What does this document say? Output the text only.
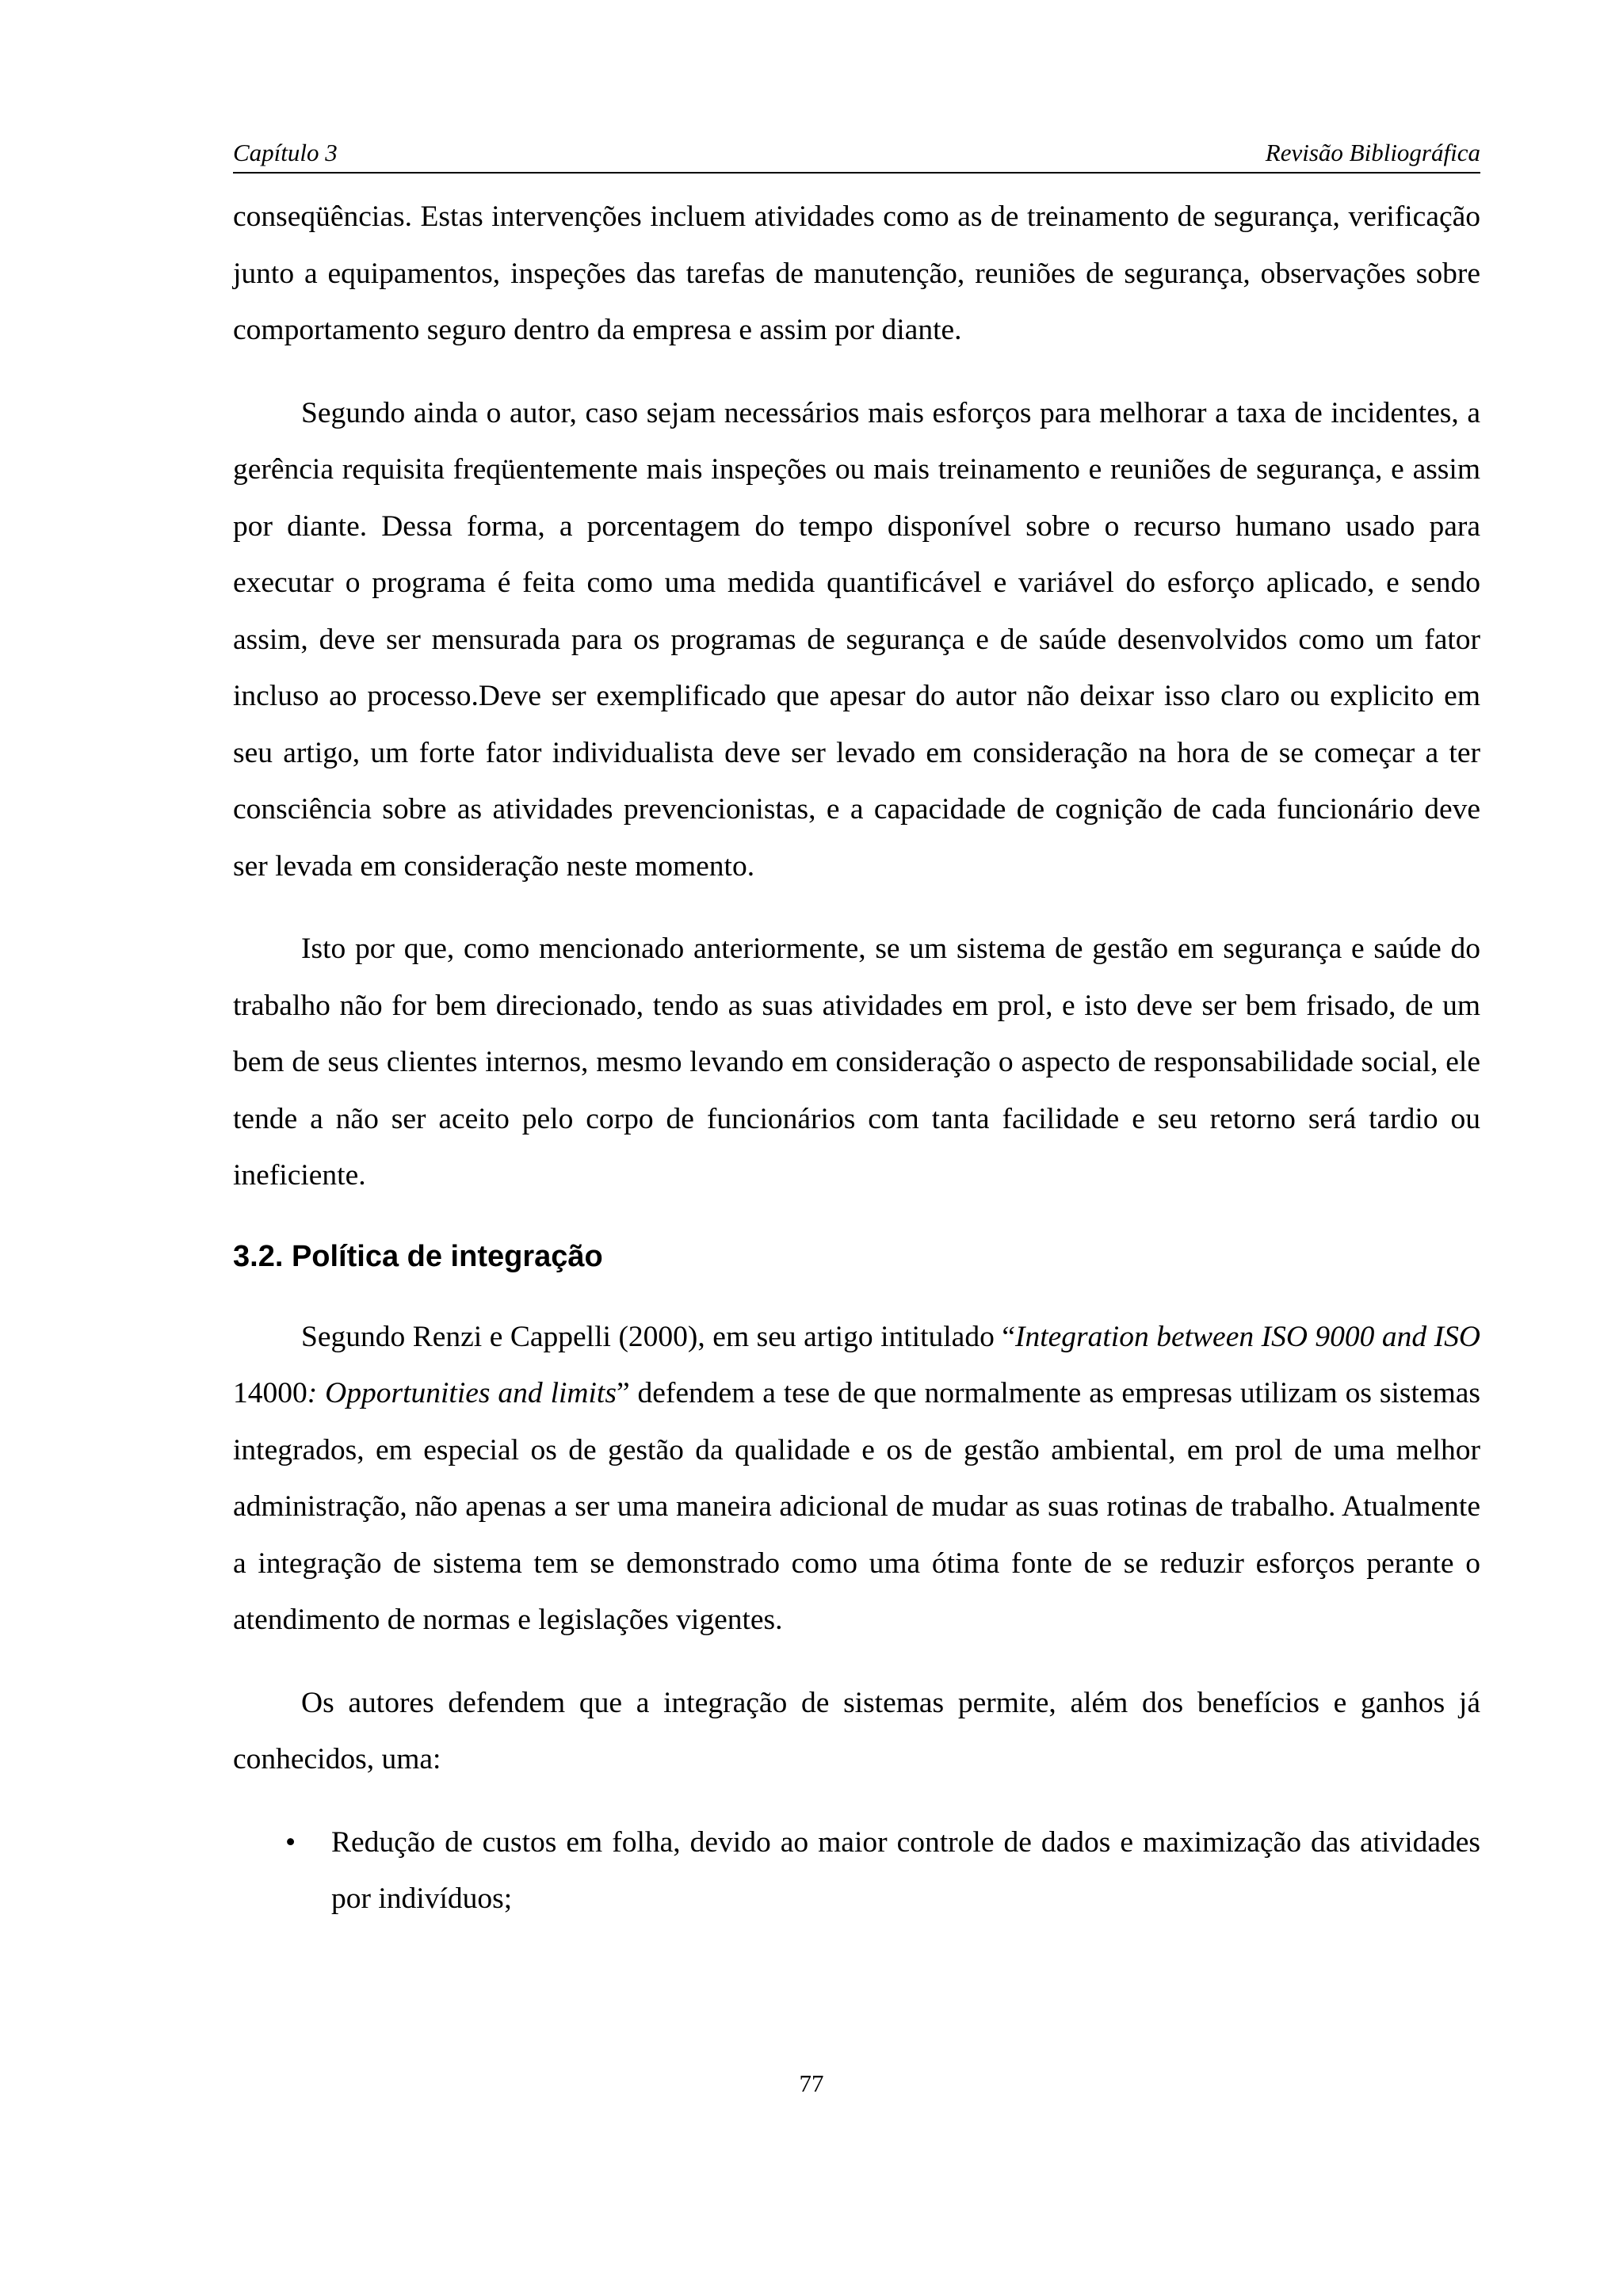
Capítulo 3	Revisão Bibliográfica

conseqüências. Estas intervenções incluem atividades como as de treinamento de segurança, verificação junto a equipamentos, inspeções das tarefas de manutenção, reuniões de segurança, observações sobre comportamento seguro dentro da empresa e assim por diante.

Segundo ainda o autor, caso sejam necessários mais esforços para melhorar a taxa de incidentes, a gerência requisita freqüentemente mais inspeções ou mais treinamento e reuniões de segurança, e assim por diante. Dessa forma, a porcentagem do tempo disponível sobre o recurso humano usado para executar o programa é feita como uma medida quantificável e variável do esforço aplicado, e sendo assim, deve ser mensurada para os programas de segurança e de saúde desenvolvidos como um fator incluso ao processo.Deve ser exemplificado que apesar do autor não deixar isso claro ou explicito em seu artigo, um forte fator individualista deve ser levado em consideração na hora de se começar a ter consciência sobre as atividades prevencionistas, e a capacidade de cognição de cada funcionário deve ser levada em consideração neste momento.

Isto por que, como mencionado anteriormente, se um sistema de gestão em segurança e saúde do trabalho não for bem direcionado, tendo as suas atividades em prol, e isto deve ser bem frisado, de um bem de seus clientes internos, mesmo levando em consideração o aspecto de responsabilidade social, ele tende a não ser aceito pelo corpo de funcionários com tanta facilidade e seu retorno será tardio ou ineficiente.

3.2. Política de integração

Segundo Renzi e Cappelli (2000), em seu artigo intitulado “Integration between ISO 9000 and ISO 14000: Opportunities and limits” defendem a tese de que normalmente as empresas utilizam os sistemas integrados, em especial os de gestão da qualidade e os de gestão ambiental, em prol de uma melhor administração, não apenas a ser uma maneira adicional de mudar as suas rotinas de trabalho. Atualmente a integração de sistema tem se demonstrado como uma ótima fonte de se reduzir esforços perante o atendimento de normas e legislações vigentes.

Os autores defendem que a integração de sistemas permite, além dos benefícios e ganhos já conhecidos, uma:

• Redução de custos em folha, devido ao maior controle de dados e maximização das atividades por indivíduos;
77
